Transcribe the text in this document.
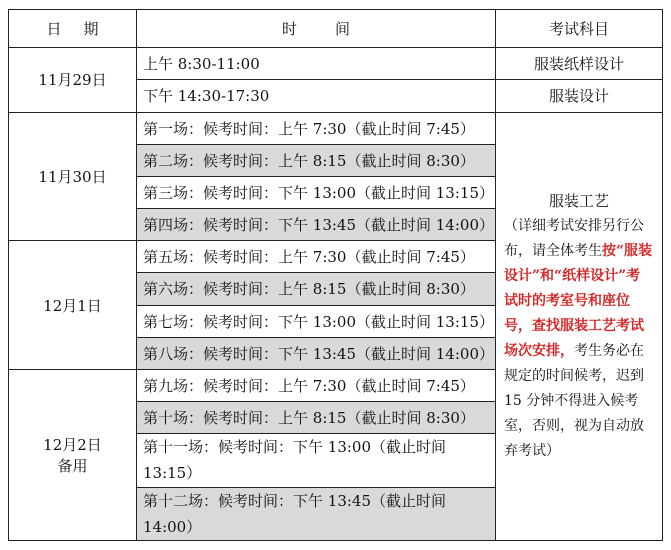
日期	时间	考试科目
11月29日	上午 8:30-11:00	服装纸样设计
	下午 14:30-17:30	服装设计
11月30日	第一场：候考时间：上午 7:30（截止时间 7:45）	服装工艺
（详细考试安排另行公布，请全体考生按“服装设计”和“纸样设计”考试时的考室号和座位号，查找服装工艺考试场次安排，考生务必在规定的时间候考，迟到 15 分钟不得进入候考室，否则，视为自动放弃考试）
	第二场：候考时间：上午 8:15（截止时间 8:30）	
	第三场：候考时间：下午 13:00（截止时间 13:15）	
	第四场：候考时间：下午 13:45（截止时间 14:00）	
12月1日	第五场：候考时间：上午 7:30（截止时间 7:45）	
	第六场：候考时间：上午 8:15（截止时间 8:30）	
	第七场：候考时间：下午 13:00（截止时间 13:15）	
	第八场：候考时间：下午 13:45（截止时间 14:00）	

12月2日
备用	第九场：候考时间：上午 7:30（截止时间 7:45）	
	第十场：候考时间：上午 8:15（截止时间 8:30）	
	第十一场：候考时间：下午 13:00（截止时间 13:15）	
	第十二场：候考时间：下午 13:45（截止时间 14:00）	
